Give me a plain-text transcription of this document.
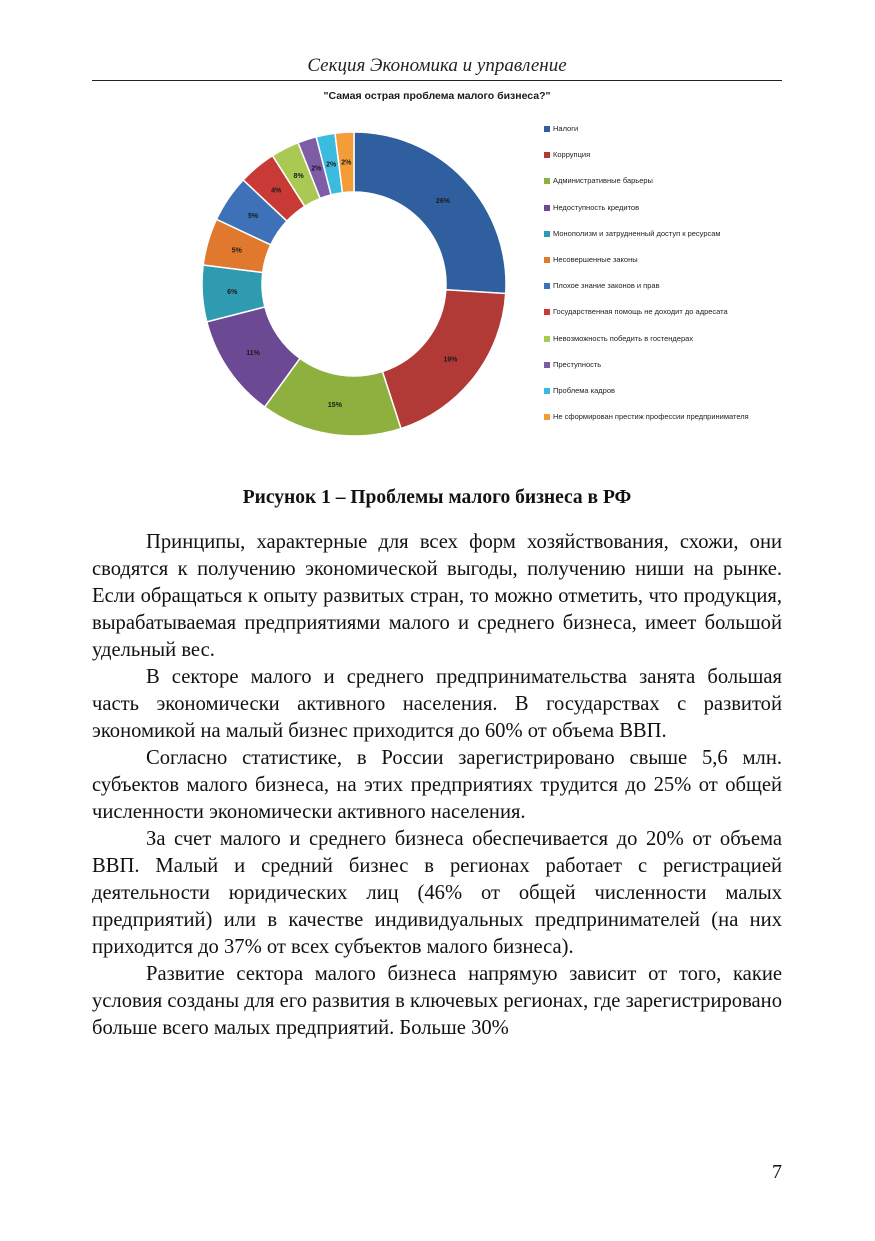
Секция Экономика и управление
26%
19%
15%
11%
6%
5%
5%
4%
8%
2%
2% 2%
"Самая острая проблема малого бизнеса?"
Налоги
Коррупция
Административные барьеры
Недоступность кредитов
Монополизм и затрудненный доступ к ресурсам
Несовершенные законы
Плохое знание законов и прав
Государственная помощь не доходит до адресата
Невозможность победить в гостендерах
Преступность
Проблема кадров
Не сформирован престиж профессии предпринимателя
Рисунок 1 – Проблемы малого бизнеса в РФ

Принципы, характерные для всех форм хозяйствования, схожи, они сводятся к получению экономической выгоды, получению ниши на рынке. Если обращаться к опыту развитых стран, то можно отметить, что продукция, вырабатываемая предприятиями малого и среднего бизнеса, имеет большой удельный вес.

В секторе малого и среднего предпринимательства занята большая часть экономически активного населения. В государствах с развитой экономикой на малый бизнес приходится до 60% от объема ВВП.

Согласно статистике, в России зарегистрировано свыше 5,6 млн. субъектов малого бизнеса, на этих предприятиях трудится до 25% от общей численности экономически активного населения.

За счет малого и среднего бизнеса обеспечивается до 20% от объема ВВП. Малый и средний бизнес в регионах работает с регистрацией деятельности юридических лиц (46% от общей численности малых предприятий) или в качестве индивидуальных предпринимателей (на них приходится до 37% от всех субъектов малого бизнеса).

Развитие сектора малого бизнеса напрямую зависит от того, какие условия созданы для его развития в ключевых регионах, где зарегистрировано больше всего малых предприятий. Больше 30%

7
